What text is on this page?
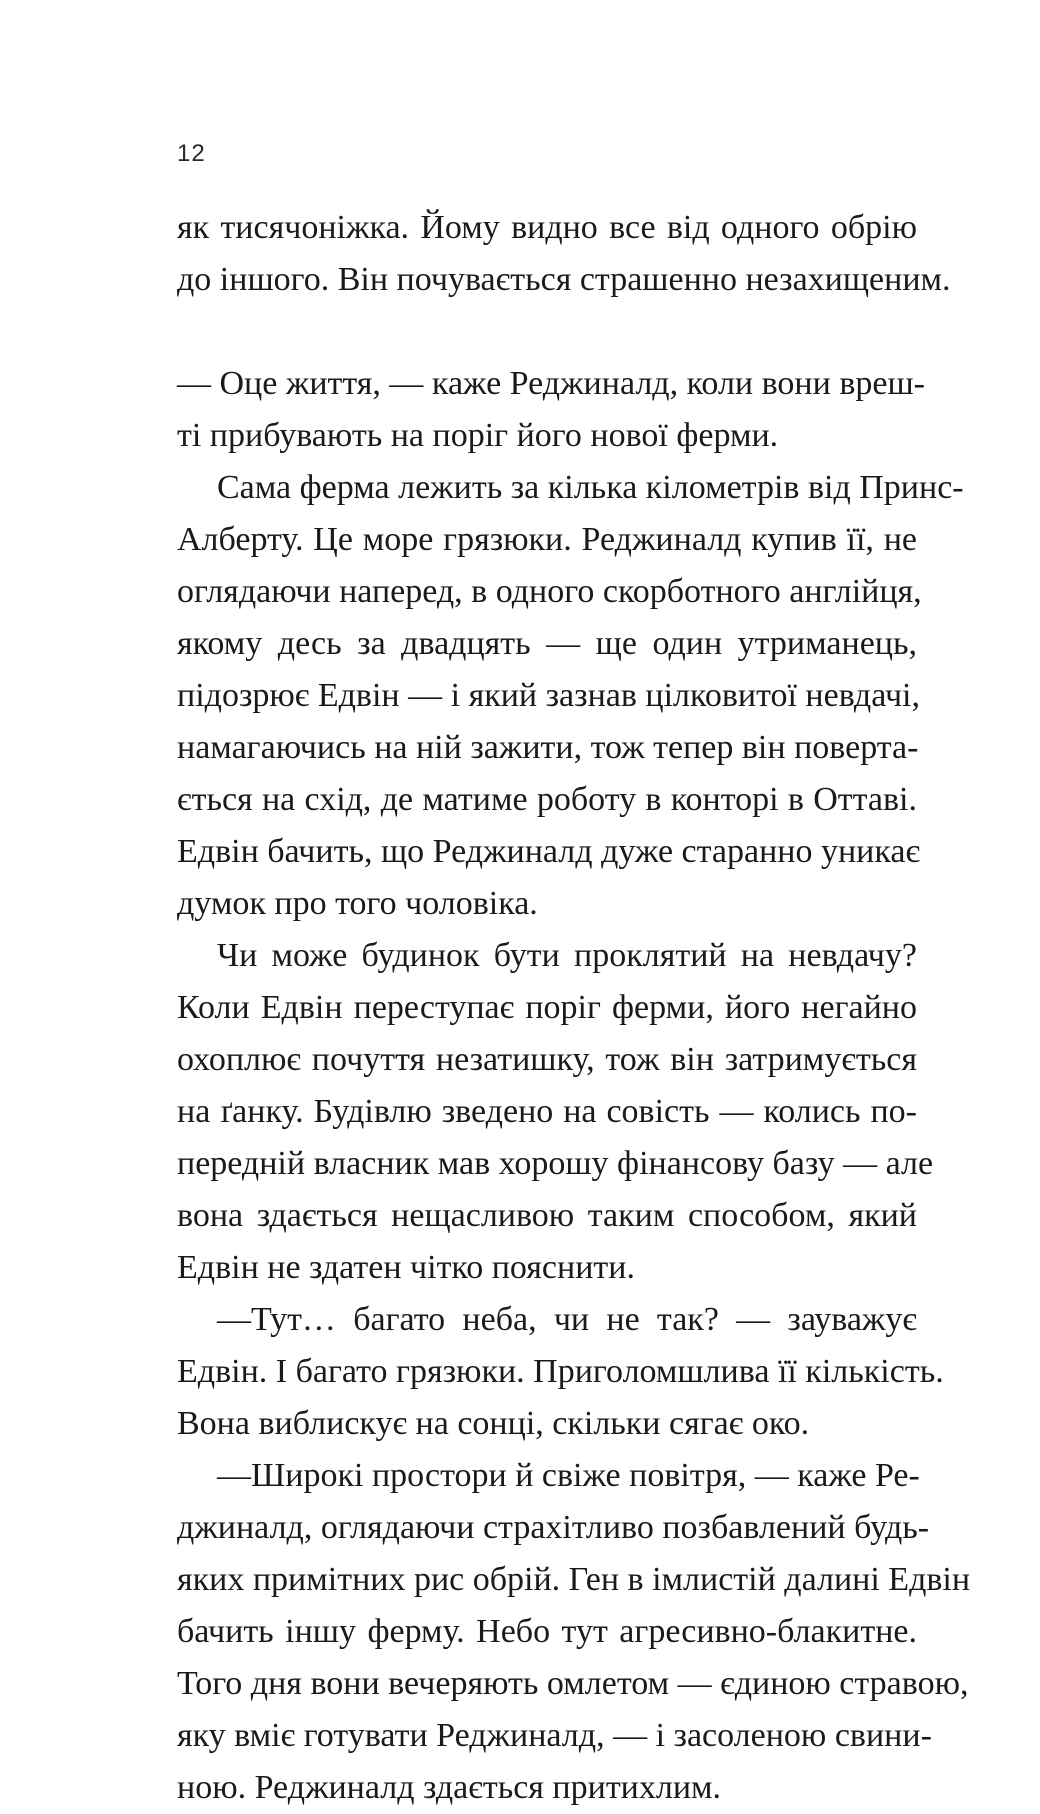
12
як тисячоніжка. Йому видно все від одного обрію
до іншого. Він почувається страшенно незахищеним.
— Оце життя, — каже Реджиналд, коли вони вреш-
ті прибувають на поріг його нової ферми.
Сама ферма лежить за кілька кілометрів від Принс-
Алберту. Це море грязюки. Реджиналд купив її, не
оглядаючи наперед, в одного скорботного англійця,
якому десь за двадцять — ще один утриманець,
підозрює Едвін — і який зазнав цілковитої невдачі,
намагаючись на ній зажити, тож тепер він поверта-
ється на схід, де матиме роботу в конторі в Оттаві.
Едвін бачить, що Реджиналд дуже старанно уникає
думок про того чоловіка.
Чи може будинок бути проклятий на невдачу?
Коли Едвін переступає поріг ферми, його негайно
охоплює почуття незатишку, тож він затримується
на ґанку. Будівлю зведено на совість — колись по-
передній власник мав хорошу фінансову базу — але
вона здається нещасливою таким способом, який
Едвін не здатен чітко пояснити.
—Тут… багато неба, чи не так? — зауважує
Едвін. І багато грязюки. Приголомшлива її кількість.
Вона виблискує на сонці, скільки сягає око.
—Широкі простори й свіже повітря, — каже Ре-
джиналд, оглядаючи страхітливо позбавлений будь-
яких примітних рис обрій. Ген в імлистій далині Едвін
бачить іншу ферму. Небо тут агресивно-блакитне.
Того дня вони вечеряють омлетом — єдиною стравою,
яку вміє готувати Реджиналд, — і засоленою свини-
ною. Реджиналд здається притихлим.
